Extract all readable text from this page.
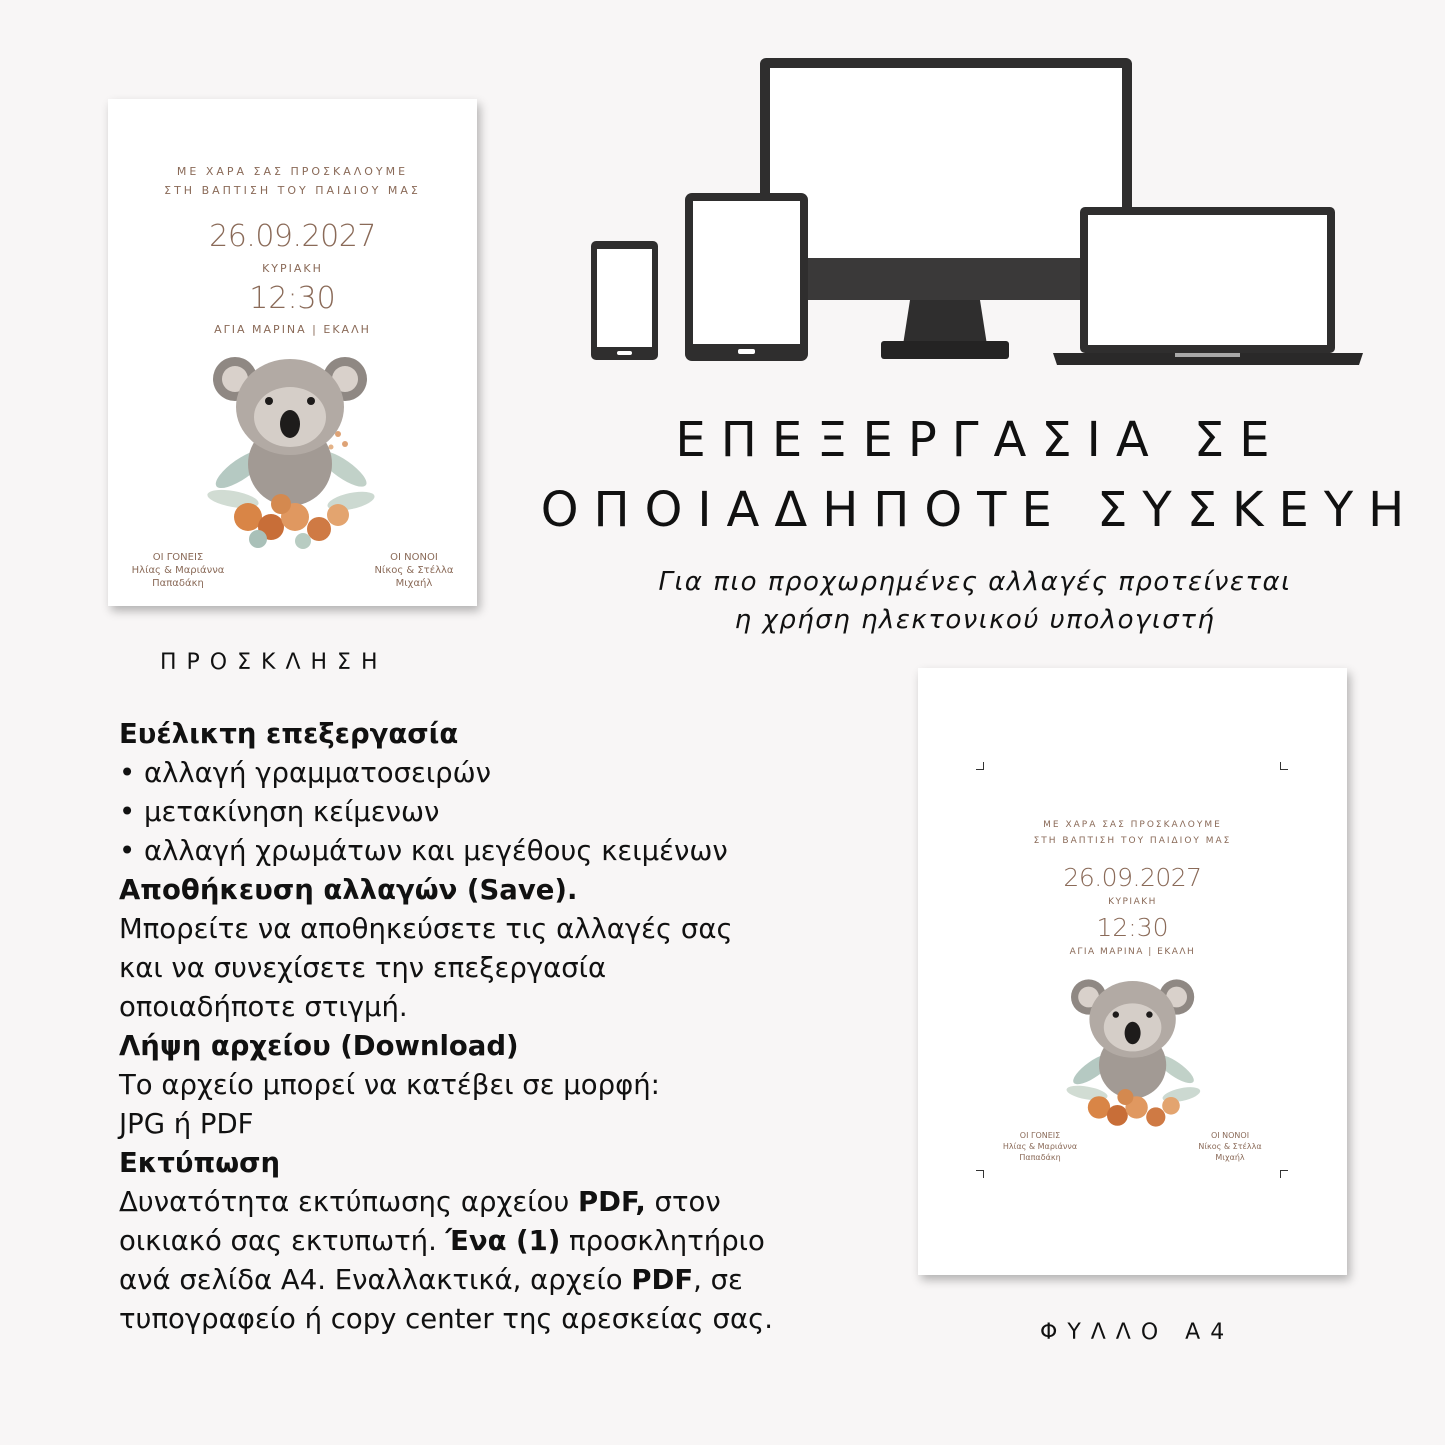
ΜΕ ΧΑΡΑ ΣΑΣ ΠΡΟΣΚΑΛΟΥΜΕ
ΣΤΗ ΒΑΠΤΙΣΗ ΤΟΥ ΠΑΙΔΙΟΥ ΜΑΣ
26.09.2027
ΚΥΡΙΑΚΗ
12:30
ΑΓΙΑ ΜΑΡΙΝΑ | ΕΚΑΛΗ
ΟΙ ΓΟΝΕΙΣ
Ηλίας & Μαριάννα
Παπαδάκη
ΟΙ ΝΟΝΟΙ
Νίκος & Στέλλα
Μιχαήλ
ΠΡΟΣΚΛΗΣΗ
ΕΠΕΞΕΡΓΑΣΙΑ ΣΕ
ΟΠΟΙΑΔΗΠΟΤΕ ΣΥΣΚΕΥΗ
Για πιο προχωρημένες αλλαγές προτείνεται
η χρήση ηλεκτονικού υπολογιστή
Ευέλικτη επεξεργασία
• αλλαγή γραμματοσειρών
• μετακίνηση κείμενων
• αλλαγή χρωμάτων και μεγέθους κειμένων
Αποθήκευση αλλαγών (Save).
Μπορείτε να αποθηκεύσετε τις αλλαγές σας
και να συνεχίσετε την επεξεργασία
οποιαδήποτε στιγμή.
Λήψη αρχείου (Download)
Το αρχείο μπορεί να κατέβει σε μορφή:
JPG ή PDF
Εκτύπωση
Δυνατότητα εκτύπωσης αρχείου PDF, στον
οικιακό σας εκτυπωτή. Ένα (1) προσκλητήριο
ανά σελίδα Α4. Εναλλακτικά, αρχείο PDF, σε
τυπογραφείο ή copy center της αρεσκείας σας.
ΜΕ ΧΑΡΑ ΣΑΣ ΠΡΟΣΚΑΛΟΥΜΕ
ΣΤΗ ΒΑΠΤΙΣΗ ΤΟΥ ΠΑΙΔΙΟΥ ΜΑΣ
26.09.2027
ΚΥΡΙΑΚΗ
12:30
ΑΓΙΑ ΜΑΡΙΝΑ | ΕΚΑΛΗ
ΟΙ ΓΟΝΕΙΣ
Ηλίας & Μαριάννα
Παπαδάκη
ΟΙ ΝΟΝΟΙ
Νίκος & Στέλλα
Μιχαήλ
ΦΥΛΛΟ Α4
